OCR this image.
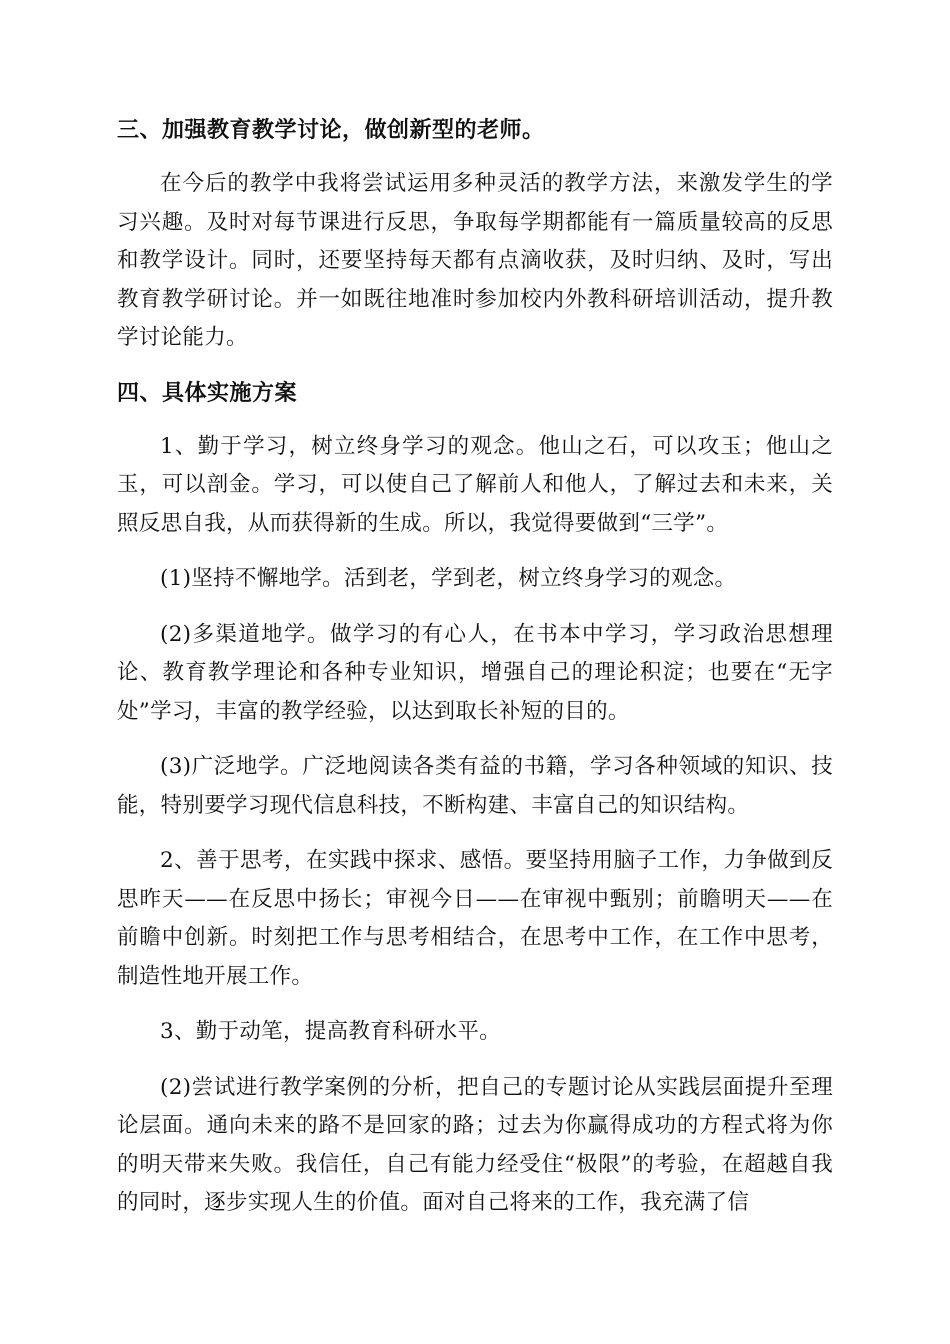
三、加强教育教学讨论，做创新型的老师。

在今后的教学中我将尝试运用多种灵活的教学方法，来激发学生的学习兴趣。及时对每节课进行反思，争取每学期都能有一篇质量较高的反思和教学设计。同时，还要坚持每天都有点滴收获，及时归纳、及时，写出教育教学研讨论。并一如既往地准时参加校内外教科研培训活动，提升教学讨论能力。

四、具体实施方案

1、勤于学习，树立终身学习的观念。他山之石，可以攻玉；他山之玉，可以剖金。学习，可以使自己了解前人和他人，了解过去和未来，关照反思自我，从而获得新的生成。所以，我觉得要做到“三学”。

(1)坚持不懈地学。活到老，学到老，树立终身学习的观念。

(2)多渠道地学。做学习的有心人，在书本中学习，学习政治思想理论、教育教学理论和各种专业知识，增强自己的理论积淀；也要在“无字处”学习，丰富的教学经验，以达到取长补短的目的。

(3)广泛地学。广泛地阅读各类有益的书籍，学习各种领域的知识、技能，特别要学习现代信息科技，不断构建、丰富自己的知识结构。

2、善于思考，在实践中探求、感悟。要坚持用脑子工作，力争做到反思昨天——在反思中扬长；审视今日——在审视中甄别；前瞻明天——在前瞻中创新。时刻把工作与思考相结合，在思考中工作，在工作中思考，制造性地开展工作。

3、勤于动笔，提高教育科研水平。

(2)尝试进行教学案例的分析，把自己的专题讨论从实践层面提升至理论层面。通向未来的路不是回家的路；过去为你赢得成功的方程式将为你的明天带来失败。我信任，自己有能力经受住“极限”的考验，在超越自我的同时，逐步实现人生的价值。面对自己将来的工作，我充满了信
